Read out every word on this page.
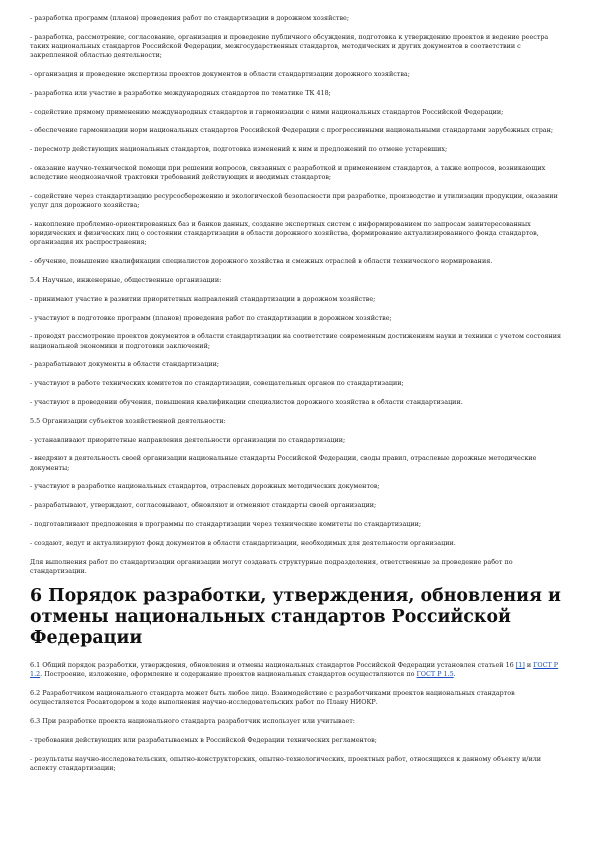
- разработка программ (планов) проведения работ по стандартизации в дорожном хозяйстве;

- разработка, рассмотрение, согласование, организация и проведение публичного обсуждения, подготовка к утверждению проектов и ведение реестра таких национальных стандартов Российской Федерации, межгосударственных стандартов, методических и других документов в соответствии с закрепленной областью деятельности;

- организация и проведение экспертизы проектов документов в области стандартизации дорожного хозяйства;

- разработка или участие в разработке международных стандартов по тематике ТК 418;

- содействие прямому применению международных стандартов и гармонизации с ними национальных стандартов Российской Федерации;

- обеспечение гармонизации норм национальных стандартов Российской Федерации с прогрессивными национальными стандартами зарубежных стран;

- пересмотр действующих национальных стандартов, подготовка изменений к ним и предложений по отмене устаревших;

- оказание научно-технической помощи при решении вопросов, связанных с разработкой и применением стандартов, а также вопросов, возникающих вследствие неоднозначной трактовки требований действующих и вводимых стандартов;

- содействие через стандартизацию ресурсосбережению и экологической безопасности при разработке, производстве и утилизации продукции, оказании услуг для дорожного хозяйства;

- накопление проблемно-ориентированных баз и банков данных, создание экспертных систем с информированием по запросам заинтересованных юридических и физических лиц о состоянии стандартизации в области дорожного хозяйства, формирование актуализированного фонда стандартов, организация их распространения;

- обучение, повышение квалификации специалистов дорожного хозяйства и смежных отраслей в области технического нормирования.

5.4 Научные, инженерные, общественные организации:

- принимают участие в развитии приоритетных направлений стандартизации в дорожном хозяйстве;

- участвуют в подготовке программ (планов) проведения работ по стандартизации в дорожном хозяйстве;

- проводят рассмотрение проектов документов в области стандартизации на соответствие современным достижениям науки и техники с учетом состояния национальной экономики и подготовки заключений;

- разрабатывают документы в области стандартизации;

- участвуют в работе технических комитетов по стандартизации, совещательных органов по стандартизации;

- участвуют в проведении обучения, повышения квалификации специалистов дорожного хозяйства в области стандартизации.

5.5 Организации субъектов хозяйственной деятельности:

- устанавливают приоритетные направления деятельности организации по стандартизации;

- внедряют в деятельность своей организации национальные стандарты Российской Федерации, своды правил, отраслевые дорожные методические документы;

- участвуют в разработке национальных стандартов, отраслевых дорожных методических документов;

- разрабатывают, утверждают, согласовывают, обновляют и отменяют стандарты своей организации;

- подготавливают предложения в программы по стандартизации через технические комитеты по стандартизации;

- создают, ведут и актуализируют фонд документов в области стандартизации, необходимых для деятельности организации.

Для выполнения работ по стандартизации организации могут создавать структурные подразделения, ответственные за проведение работ по стандартизации.

6 Порядок разработки, утверждения, обновления и отмены национальных стандартов Российской Федерации

6.1 Общий порядок разработки, утверждения, обновления и отмены национальных стандартов Российской Федерации установлен статьей 16 [1] и ГОСТ Р 1.2. Построение, изложение, оформление и содержание проектов национальных стандартов осуществляются по ГОСТ Р 1.5.

6.2 Разработчиком национального стандарта может быть любое лицо. Взаимодействие с разработчиками проектов национальных стандартов осуществляется Росавтодором в ходе выполнения научно-исследовательских работ по Плану НИОКР.

6.3 При разработке проекта национального стандарта разработчик использует или учитывает:

- требования действующих или разрабатываемых в Российской Федерации технических регламентов;

- результаты научно-исследовательских, опытно-конструкторских, опытно-технологических, проектных работ, относящихся к данному объекту и/или аспекту стандартизации;
